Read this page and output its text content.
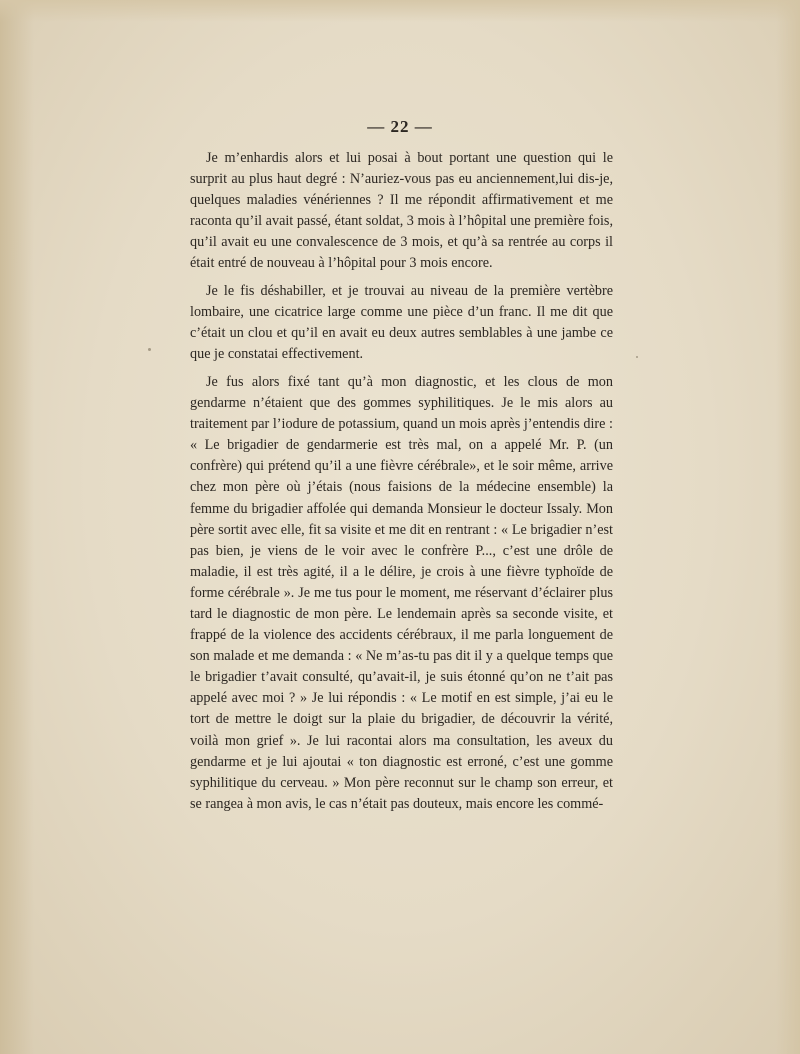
— 22 —

Je m’enhardis alors et lui posai à bout portant une question qui le surprit au plus haut degré : N’auriez-vous pas eu anciennement,lui dis-je, quelques maladies vénériennes ? Il me répondit affirmativement et me raconta qu’il avait passé, étant soldat, 3 mois à l’hôpital une première fois, qu’il avait eu une convalescence de 3 mois, et qu’à sa rentrée au corps il était entré de nouveau à l’hôpital pour 3 mois encore.

Je le fis déshabiller, et je trouvai au niveau de la première vertèbre lombaire, une cicatrice large comme une pièce d’un franc. Il me dit que c’était un clou et qu’il en avait eu deux autres semblables à une jambe ce que je constatai effectivement.

Je fus alors fixé tant qu’à mon diagnostic, et les clous de mon gendarme n’étaient que des gommes syphilitiques. Je le mis alors au traitement par l’iodure de potassium, quand un mois après j’entendis dire : « Le brigadier de gendarmerie est très mal, on a appelé Mr. P. (un confrère) qui prétend qu’il a une fièvre cérébrale», et le soir même, arrive chez mon père où j’étais (nous faisions de la médecine ensemble) la femme du brigadier affolée qui demanda Monsieur le docteur Issaly. Mon père sortit avec elle, fit sa visite et me dit en rentrant : « Le brigadier n’est pas bien, je viens de le voir avec le confrère P..., c’est une drôle de maladie, il est très agité, il a le délire, je crois à une fièvre typhoïde de forme cérébrale ». Je me tus pour le moment, me réservant d’éclairer plus tard le diagnostic de mon père. Le lendemain après sa seconde visite, et frappé de la violence des accidents cérébraux, il me parla longuement de son malade et me demanda : « Ne m’as-tu pas dit il y a quelque temps que le brigadier t’avait consulté, qu’avait-il, je suis étonné qu’on ne t’ait pas appelé avec moi ? » Je lui répondis : « Le motif en est simple, j’ai eu le tort de mettre le doigt sur la plaie du brigadier, de découvrir la vérité, voilà mon grief ». Je lui racontai alors ma consultation, les aveux du gendarme et je lui ajoutai « ton diagnostic est erroné, c’est une gomme syphilitique du cerveau. » Mon père reconnut sur le champ son erreur, et se rangea à mon avis, le cas n’était pas douteux, mais encore les commé-
